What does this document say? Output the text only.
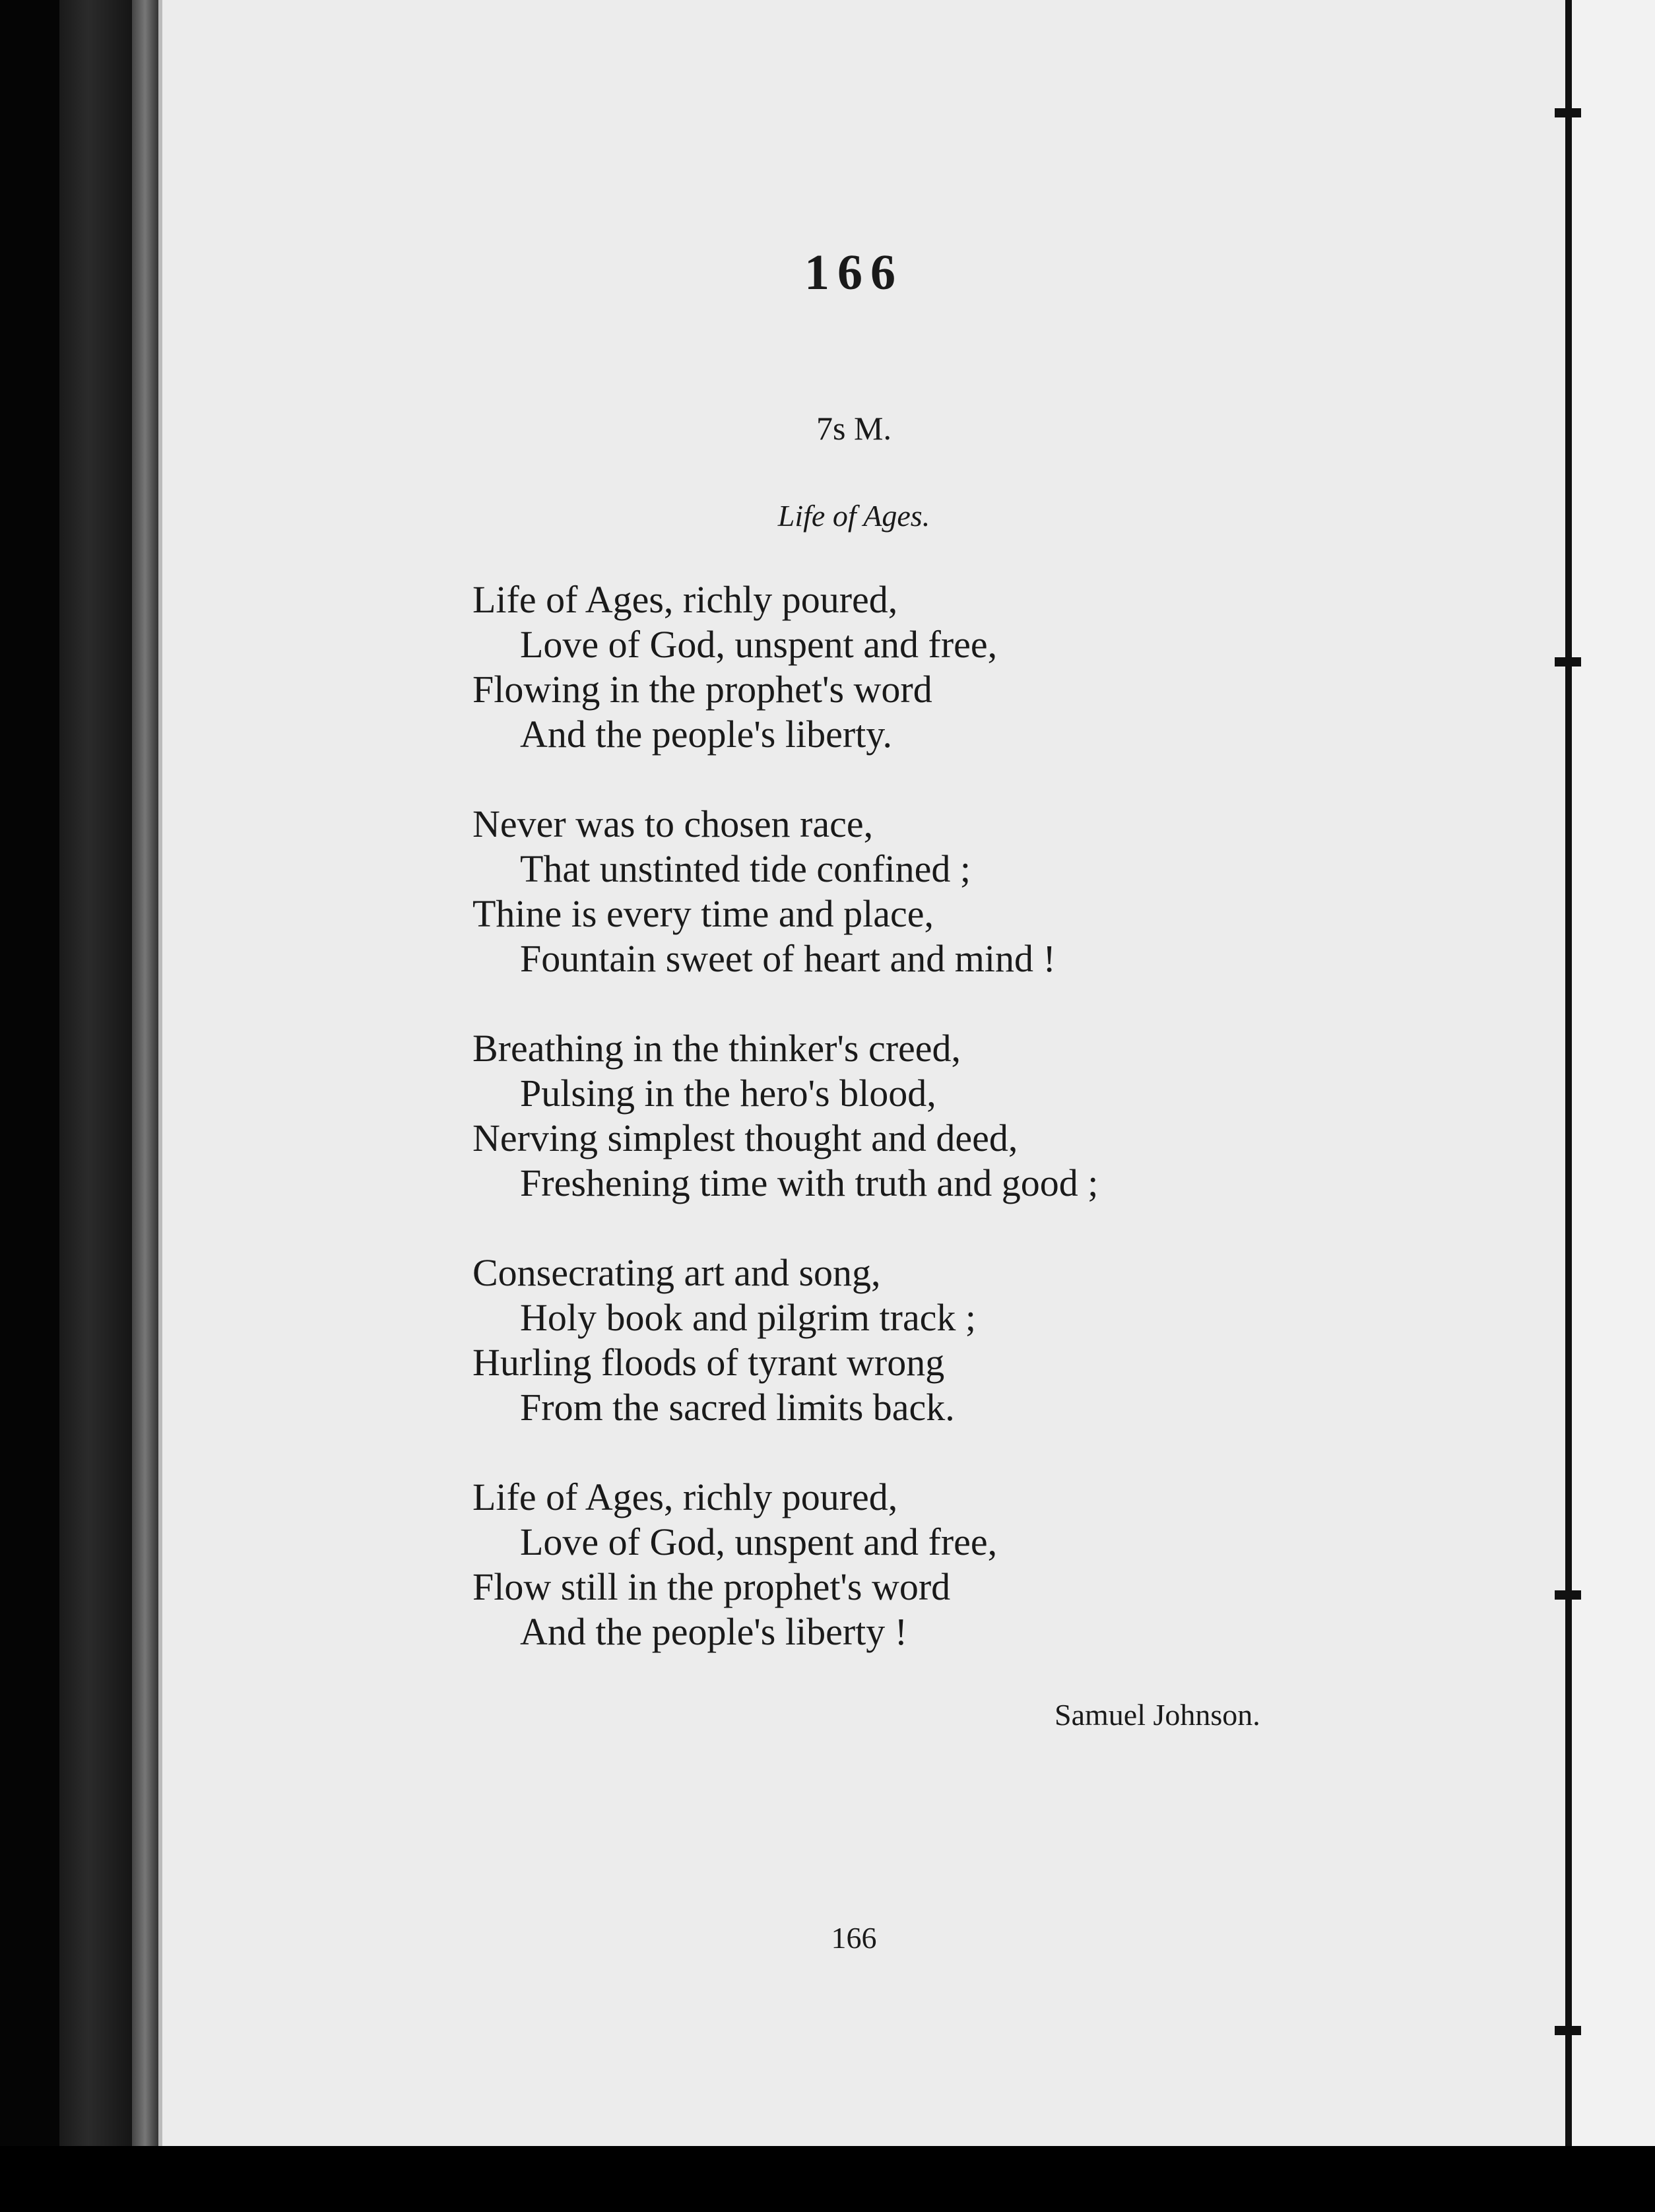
166
7s M.
Life of Ages.
Life of Ages, richly poured,
Love of God, unspent and free,
Flowing in the prophet's word
And the people's liberty.
Never was to chosen race,
That unstinted tide confined ;
Thine is every time and place,
Fountain sweet of heart and mind !
Breathing in the thinker's creed,
Pulsing in the hero's blood,
Nerving simplest thought and deed,
Freshening time with truth and good ;
Consecrating art and song,
Holy book and pilgrim track ;
Hurling floods of tyrant wrong
From the sacred limits back.
Life of Ages, richly poured,
Love of God, unspent and free,
Flow still in the prophet's word
And the people's liberty !
Samuel Johnson.
166
